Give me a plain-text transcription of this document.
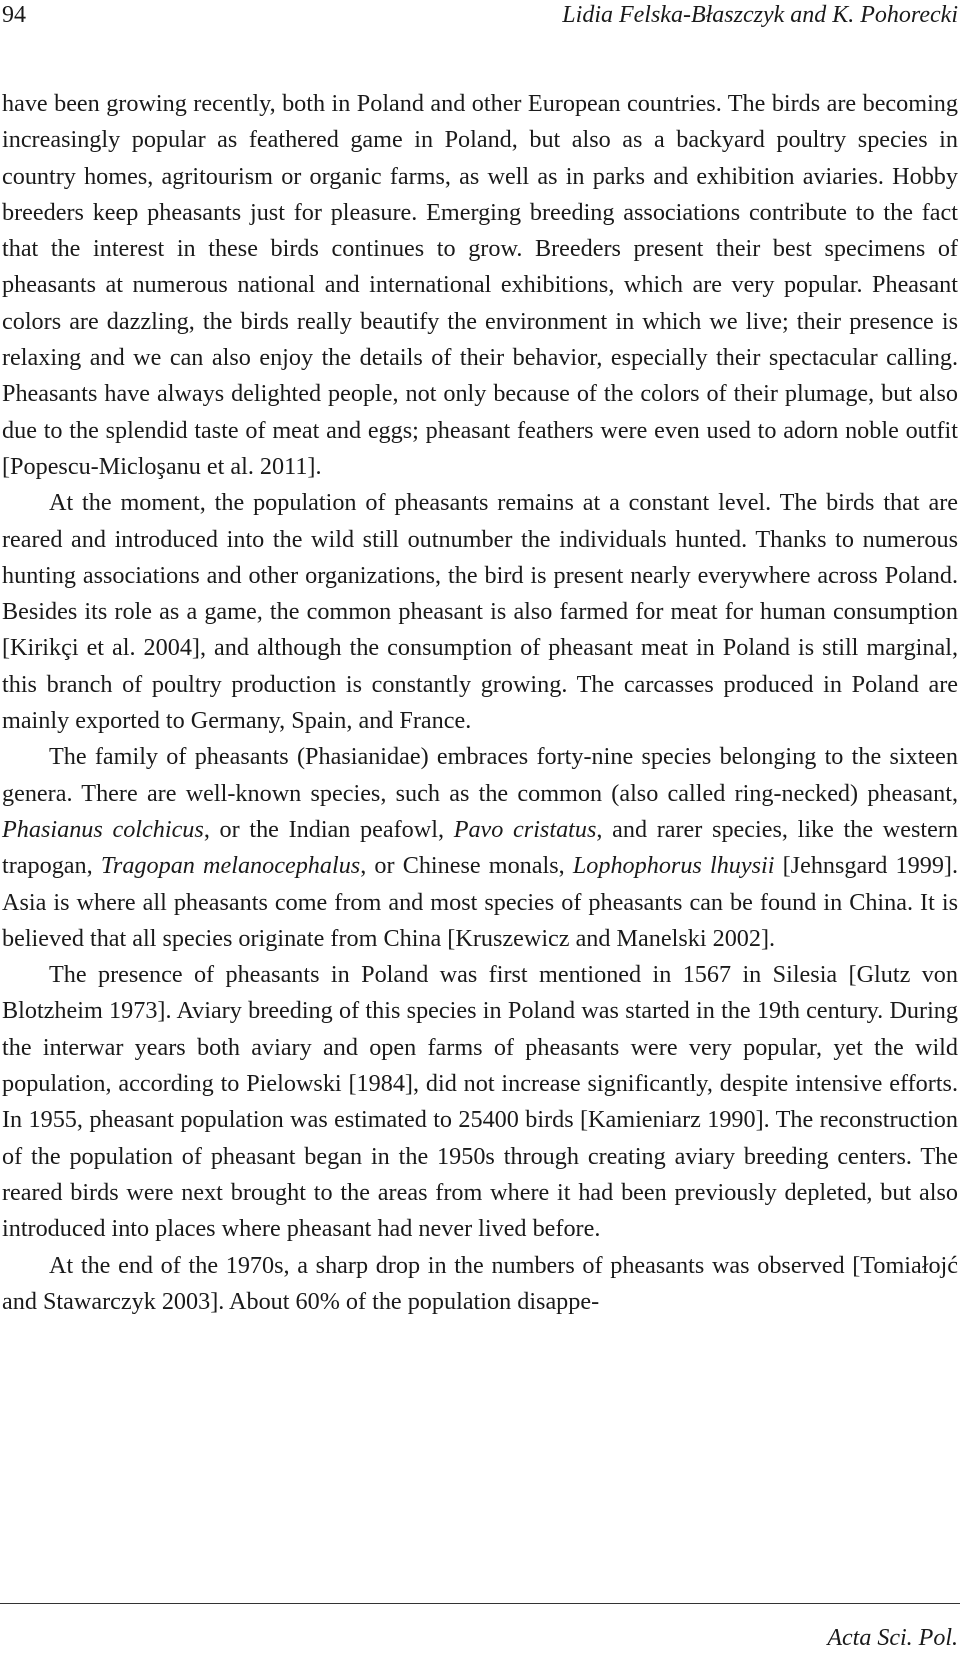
94	Lidia Felska-Błaszczyk and K. Pohorecki

have been growing recently, both in Poland and other European countries. The birds are becoming increasingly popular as feathered game in Poland, but also as a backyard poultry species in country homes, agritourism or organic farms, as well as in parks and exhibition aviaries. Hobby breeders keep pheasants just for pleasure. Emerging breeding associations contribute to the fact that the interest in these birds continues to grow. Breeders present their best specimens of pheasants at numerous national and international exhibitions, which are very popular. Pheasant colors are dazzling, the birds really beautify the environment in which we live; their presence is relaxing and we can also enjoy the details of their behavior, especially their spectacular calling. Pheasants have always delighted people, not only because of the colors of their plumage, but also due to the splendid taste of meat and eggs; pheasant feathers were even used to adorn noble outfit [Popescu-Micloşanu et al. 2011].

At the moment, the population of pheasants remains at a constant level. The birds that are reared and introduced into the wild still outnumber the individuals hunted. Thanks to numerous hunting associations and other organizations, the bird is present nearly everywhere across Poland. Besides its role as a game, the common pheasant is also farmed for meat for human consumption [Kirikçi et al. 2004], and although the consumption of pheasant meat in Poland is still marginal, this branch of poultry production is constantly growing. The carcasses produced in Poland are mainly exported to Germany, Spain, and France.

The family of pheasants (Phasianidae) embraces forty-nine species belonging to the sixteen genera. There are well-known species, such as the common (also called ring-necked) pheasant, Phasianus colchicus, or the Indian peafowl, Pavo cristatus, and rarer species, like the western trapogan, Tragopan melanocephalus, or Chinese monals, Lophophorus lhuysii [Jehnsgard 1999]. Asia is where all pheasants come from and most species of pheasants can be found in China. It is believed that all species originate from China [Kruszewicz and Manelski 2002].

The presence of pheasants in Poland was first mentioned in 1567 in Silesia [Glutz von Blotzheim 1973]. Aviary breeding of this species in Poland was started in the 19th century. During the interwar years both aviary and open farms of pheasants were very popular, yet the wild population, according to Pielowski [1984], did not increase significantly, despite intensive efforts. In 1955, pheasant population was estimated to 25400 birds [Kamieniarz 1990]. The reconstruction of the population of pheasant began in the 1950s through creating aviary breeding centers. The reared birds were next brought to the areas from where it had been previously depleted, but also introduced into places where pheasant had never lived before.

At the end of the 1970s, a sharp drop in the numbers of pheasants was observed [Tomiałojć and Stawarczyk 2003]. About 60% of the population disappe-

Acta Sci. Pol.
